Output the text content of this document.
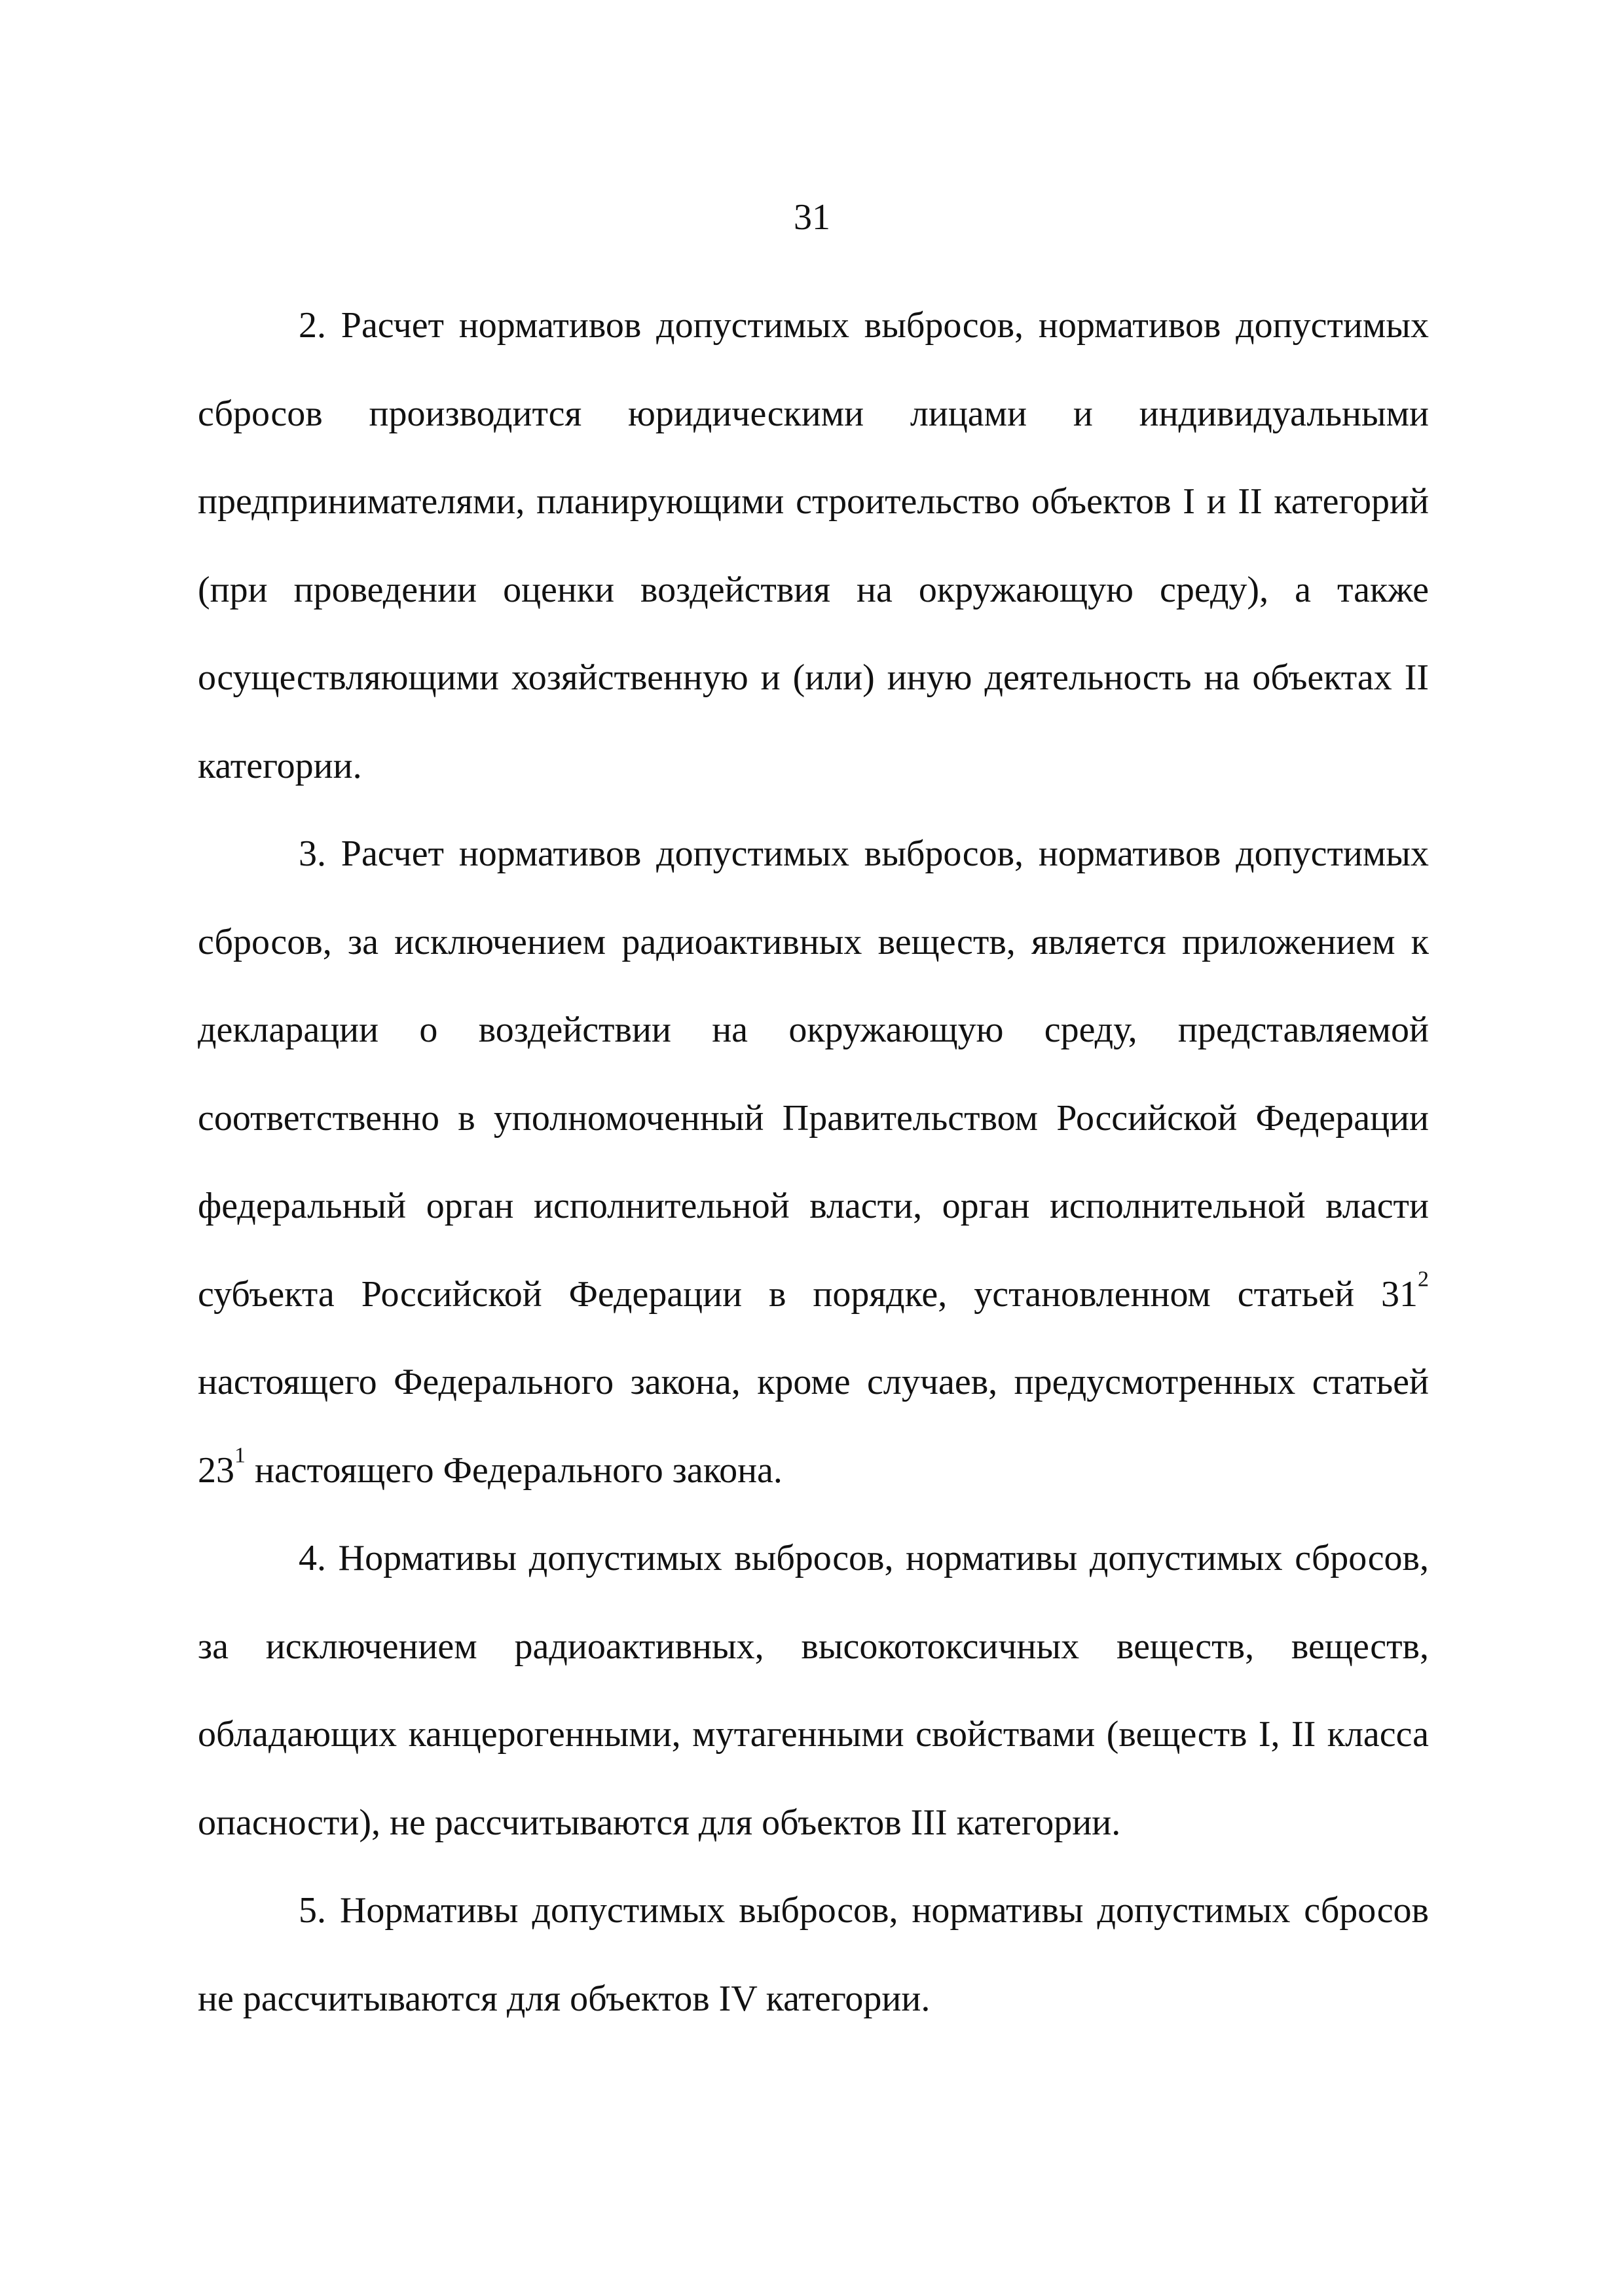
31

2. Расчет нормативов допустимых выбросов, нормативов допустимых сбросов производится юридическими лицами и индивидуальными предпринимателями, планирующими строительство объектов I и II категорий (при проведении оценки воздействия на окружающую среду), а также осуществляющими хозяйственную и (или) иную деятельность на объектах II категории.

3. Расчет нормативов допустимых выбросов, нормативов допустимых сбросов, за исключением радиоактивных веществ, является приложением к декларации о воздействии на окружающую среду, представляемой соответственно в уполномоченный Правительством Российской Федерации федеральный орган исполнительной власти, орган исполнительной власти субъекта Российской Федерации в порядке, установленном статьей $31^2$ настоящего Федерального закона, кроме случаев, предусмотренных статьей $23^1$ настоящего Федерального закона.

4. Нормативы допустимых выбросов, нормативы допустимых сбросов, за исключением радиоактивных, высокотоксичных веществ, веществ, обладающих канцерогенными, мутагенными свойствами (веществ I, II класса опасности), не рассчитываются для объектов III категории.

5. Нормативы допустимых выбросов, нормативы допустимых сбросов не рассчитываются для объектов IV категории.
